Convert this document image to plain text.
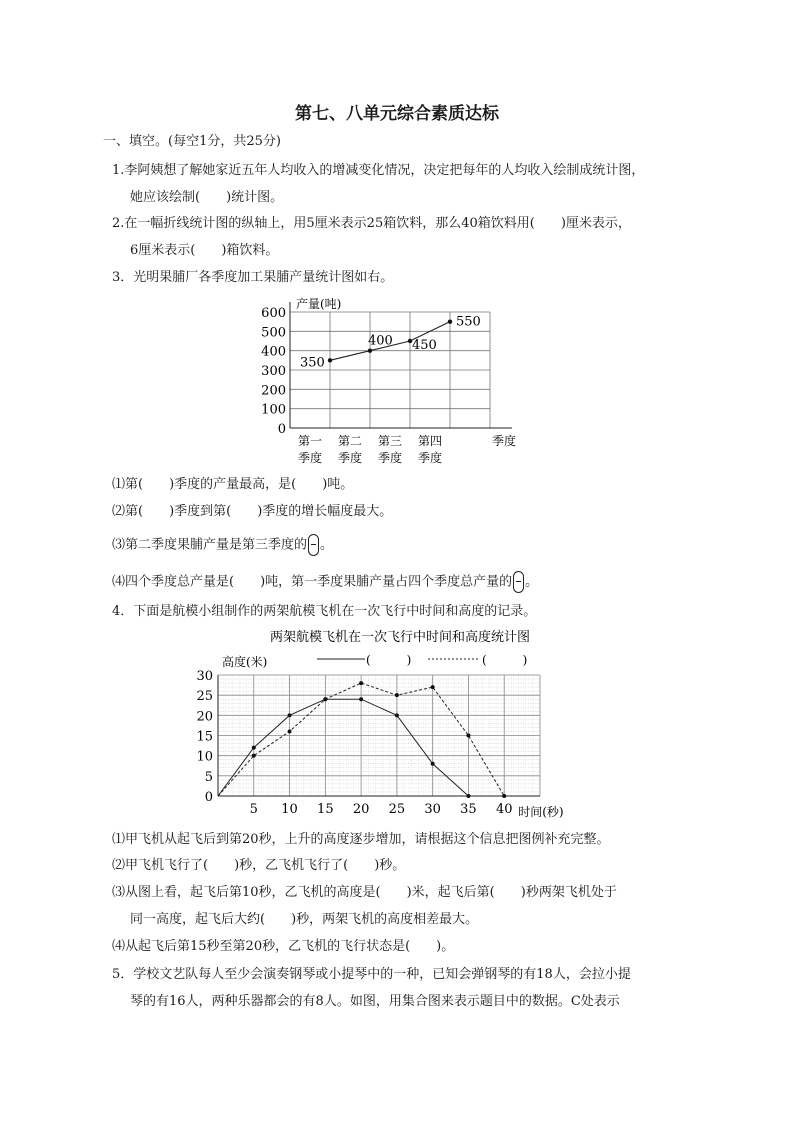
第七、八单元综合素质达标
一、填空。(每空1分，共25分)
1.李阿姨想了解她家近五年人均收入的增减变化情况，决定把每年的人均收入绘制成统计图，
她应该绘制(　　)统计图。
2.在一幅折线统计图的纵轴上，用5厘米表示25箱饮料，那么40箱饮料用(　　)厘米表示，
6厘米表示(　　)箱饮料。
3．光明果脯厂各季度加工果脯产量统计图如右。
0
100
200
300
400
500
600
产量(吨)
季度
第一
季度
第二
季度
第三
季度
第四
季度
350
400 450
550
⑴第(　　)季度的产量最高，是(　　)吨。
⑵第(　　)季度到第(　　)季度的增长幅度最大。
⑶第二季度果脯产量是第三季度的 。
⑷四个季度总产量是(　　)吨，第一季度果脯产量占四个季度总产量的 。
4．下面是航模小组制作的两架航模飞机在一次飞行中时间和高度的记录。
两架航模飞机在一次飞行中时间和高度统计图
高度(米)	(　　　)	(　　　)
0
5
10
15
20
25
30
5 10 15 20 25 30 35 40 时间(秒)
⑴甲飞机从起飞后到第20秒，上升的高度逐步增加，请根据这个信息把图例补充完整。
⑵甲飞机飞行了(　　)秒，乙飞机飞行了(　　)秒。
⑶从图上看，起飞后第10秒，乙飞机的高度是(　　)米，起飞后第(　　)秒两架飞机处于
同一高度，起飞后大约(　　)秒，两架飞机的高度相差最大。
⑷从起飞后第15秒至第20秒，乙飞机的飞行状态是(　　)。
5．学校文艺队每人至少会演奏钢琴或小提琴中的一种，已知会弹钢琴的有18人，会拉小提
琴的有16人，两种乐器都会的有8人。如图，用集合图来表示题目中的数据。C处表示
